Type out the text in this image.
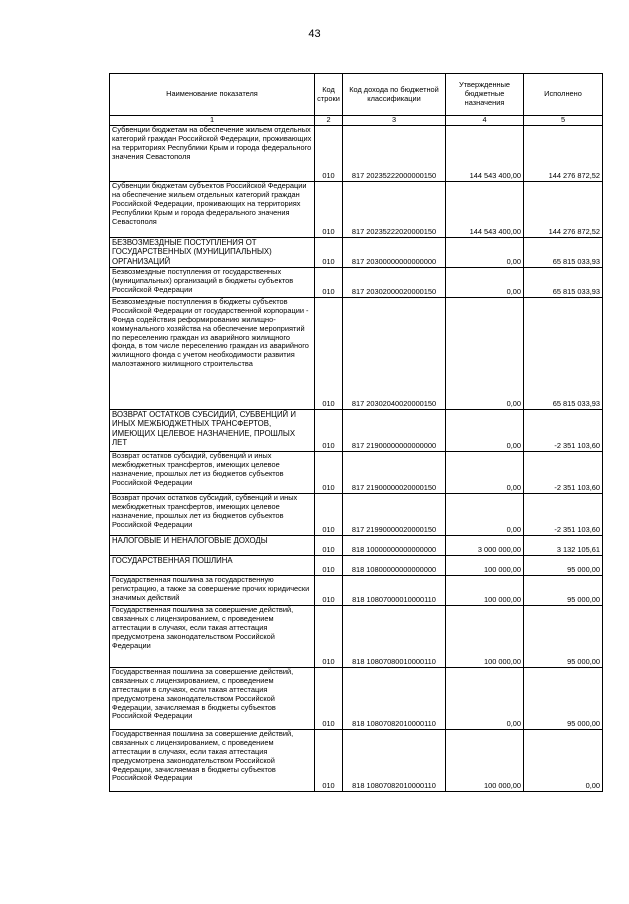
43
Наименование показателя	Код строки	Код дохода по бюджетной классификации	Утвержденные бюджетные назначения	Исполнено
1	2	3	4	5
Субвенции бюджетам на обеспечение жильем отдельных категорий граждан Российской Федерации, проживающих на территориях Республики Крым и города федерального значения Севастополя	010	817 20235222000000150	144 543 400,00	144 276 872,52
Субвенции бюджетам субъектов Российской Федерации на обеспечение жильем отдельных категорий граждан Российской Федерации, проживающих на территориях Республики Крым и города федерального значения Севастополя	010	817 20235222020000150	144 543 400,00	144 276 872,52
БЕЗВОЗМЕЗДНЫЕ ПОСТУПЛЕНИЯ ОТ ГОСУДАРСТВЕННЫХ (МУНИЦИПАЛЬНЫХ) ОРГАНИЗАЦИЙ	010	817 20300000000000000	0,00	65 815 033,93
Безвозмездные поступления от государственных (муниципальных) организаций в бюджеты субъектов Российской Федерации	010	817 20302000020000150	0,00	65 815 033,93
Безвозмездные поступления в бюджеты субъектов Российской Федерации от государственной корпорации - Фонда содействия реформированию жилищно-коммунального хозяйства на обеспечение мероприятий по переселению граждан из аварийного жилищного фонда, в том числе переселению граждан из аварийного жилищного фонда с учетом необходимости развития малоэтажного жилищного строительства	010	817 20302040020000150	0,00	65 815 033,93
ВОЗВРАТ ОСТАТКОВ СУБСИДИЙ, СУБВЕНЦИЙ И ИНЫХ МЕЖБЮДЖЕТНЫХ ТРАНСФЕРТОВ, ИМЕЮЩИХ ЦЕЛЕВОЕ НАЗНАЧЕНИЕ, ПРОШЛЫХ ЛЕТ	010	817 21900000000000000	0,00	-2 351 103,60
Возврат остатков субсидий, субвенций и иных межбюджетных трансфертов, имеющих целевое назначение, прошлых лет из бюджетов субъектов Российской Федерации	010	817 21900000020000150	0,00	-2 351 103,60
Возврат прочих остатков субсидий, субвенций и иных межбюджетных трансфертов, имеющих целевое назначение, прошлых лет из бюджетов субъектов Российской Федерации	010	817 21990000020000150	0,00	-2 351 103,60
НАЛОГОВЫЕ И НЕНАЛОГОВЫЕ ДОХОДЫ	010	818 10000000000000000	3 000 000,00	3 132 105,61
ГОСУДАРСТВЕННАЯ ПОШЛИНА	010	818 10800000000000000	100 000,00	95 000,00
Государственная пошлина за государственную регистрацию, а также за совершение прочих юридически значимых действий	010	818 10807000010000110	100 000,00	95 000,00
Государственная пошлина за совершение действий, связанных с лицензированием, с проведением аттестации в случаях, если такая аттестация предусмотрена законодательством Российской Федерации	010	818 10807080010000110	100 000,00	95 000,00
Государственная пошлина за совершение действий, связанных с лицензированием, с проведением аттестации в случаях, если такая аттестация предусмотрена законодательством Российской Федерации, зачисляемая в бюджеты субъектов Российской Федерации	010	818 10807082010000110	0,00	95 000,00
Государственная пошлина за совершение действий, связанных с лицензированием, с проведением аттестации в случаях, если такая аттестация предусмотрена законодательством Российской Федерации, зачисляемая в бюджеты субъектов Российской Федерации	010	818 10807082010000110	100 000,00	0,00
